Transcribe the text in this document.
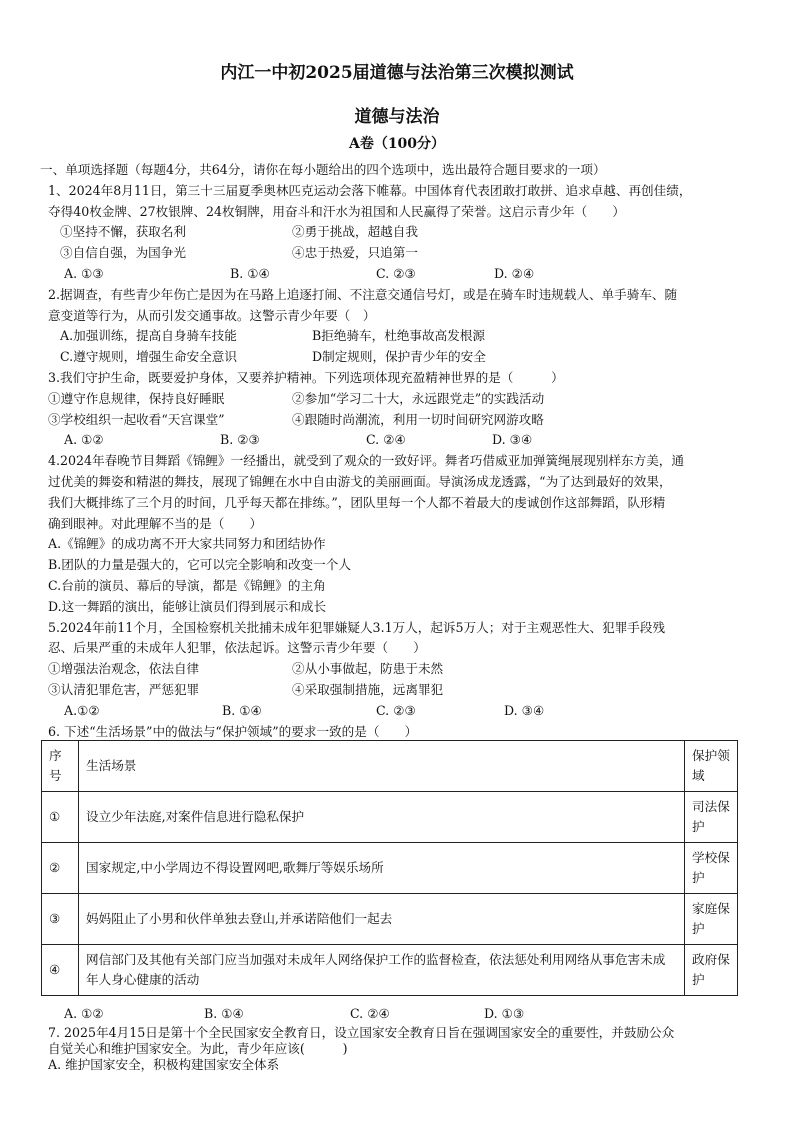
内江一中初2025届道德与法治第三次模拟测试
道德与法治
A卷（100分）
一、单项选择题（每题4分，共64分，请你在每小题给出的四个选项中，选出最符合题目要求的一项）
1、2024年8月11日，第三十三届夏季奥林匹克运动会落下帷幕。中国体育代表团敢打敢拼、追求卓越、再创佳绩，
夺得40枚金牌、27枚银牌、24枚铜牌，用奋斗和汗水为祖国和人民赢得了荣誉。这启示青少年（　　）
①坚持不懈，获取名利	②勇于挑战，超越自我
③自信自强，为国争光	④忠于热爱，只追第一
A. ①③	B. ①④	C. ②③	D. ②④
2.据调查，有些青少年伤亡是因为在马路上追逐打闹、不注意交通信号灯，或是在骑车时违规载人、单手骑车、随
意变道等行为，从而引发交通事故。这警示青少年要（　）
A.加强训练，提高自身骑车技能	B拒绝骑车，杜绝事故高发根源
C.遵守规则，增强生命安全意识	D制定规则，保护青少年的安全
3.我们守护生命，既要爱护身体，又要养护精神。下列选项体现充盈精神世界的是（　　　）
①遵守作息规律，保持良好睡眠	②参加“学习二十大，永远跟党走”的实践活动
③学校组织一起收看“天宫课堂”	④跟随时尚潮流，利用一切时间研究网游攻略
A. ①②	B. ②③	C. ②④	D. ③④
4.2024年春晚节目舞蹈《锦鲤》一经播出，就受到了观众的一致好评。舞者巧借威亚加弹簧绳展现别样东方美，通
过优美的舞姿和精湛的舞技，展现了锦鲤在水中自由游戈的美丽画面。导演汤成龙透露，“为了达到最好的效果，
我们大概排练了三个月的时间，几乎每天都在排练。”，团队里每一个人都不着最大的虔诚创作这部舞蹈，队形精
确到眼神。对此理解不当的是（　　）
A.《锦鲤》的成功离不开大家共同努力和团结协作
B.团队的力量是强大的，它可以完全影响和改变一个人
C.台前的演员、幕后的导演，都是《锦鲤》的主角
D.这一舞蹈的演出，能够让演员们得到展示和成长
5.2024年前11个月，全国检察机关批捕未成年犯罪嫌疑人3.1万人，起诉5万人；对于主观恶性大、犯罪手段残
忍、后果严重的未成年人犯罪，依法起诉。这警示青少年要（　　）
①增强法治观念，依法自律	②从小事做起，防患于未然
③认清犯罪危害，严惩犯罪	④采取强制措施，远离罪犯
A.①②	B. ①④	C. ②③	D. ③④
6. 下述“生活场景”中的做法与“保护领域”的要求一致的是（　　）
序号	生活场景	保护领域
①	设立少年法庭,对案件信息进行隐私保护	司法保护
②	国家规定,中小学周边不得设置网吧,歌舞厅等娱乐场所	学校保护
③	妈妈阻止了小男和伙伴单独去登山,并承诺陪他们一起去	家庭保护
④	网信部门及其他有关部门应当加强对未成年人网络保护工作的监督检查，依法惩处利用网络从事危害未成年人身心健康的活动	政府保护
A. ①②	B. ①④	C. ②④	D. ①③
7. 2025年4月15日是第十个全民国家安全教育日，设立国家安全教育日旨在强调国家安全的重要性，并鼓励公众
自觉关心和维护国家安全。为此，青少年应该(　　　)
A. 维护国家安全，积极构建国家安全体系
